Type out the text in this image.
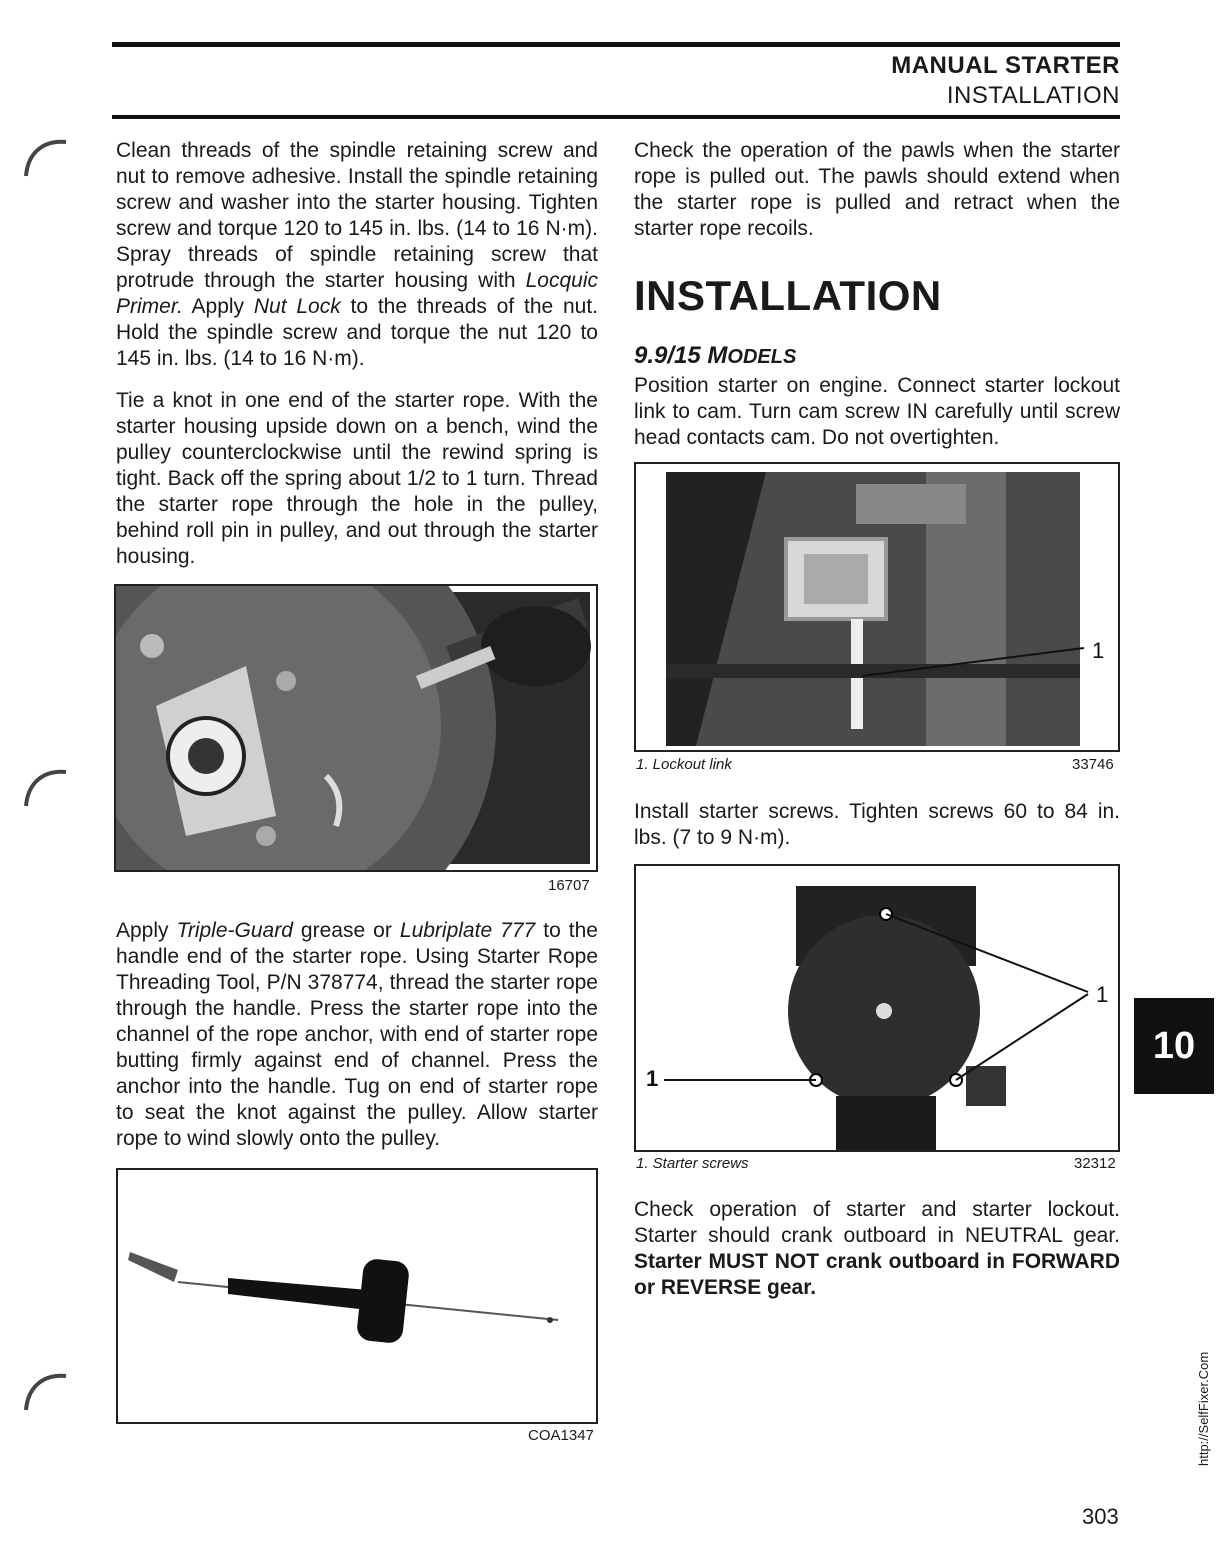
MANUAL STARTER
INSTALLATION

Clean threads of the spindle retaining screw and nut to remove adhesive. Install the spindle retaining screw and washer into the starter housing. Tighten screw and torque 120 to 145 in. lbs. (14 to 16 N·m). Spray threads of spindle retaining screw that protrude through the starter housing with Locquic Primer. Apply Nut Lock to the threads of the nut. Hold the spindle screw and torque the nut 120 to 145 in. lbs. (14 to 16 N·m).

Tie a knot in one end of the starter rope. With the starter housing upside down on a bench, wind the pulley counterclockwise until the rewind spring is tight. Back off the spring about 1/2 to 1 turn. Thread the starter rope through the hole in the pulley, behind roll pin in pulley, and out through the starter housing.

16707

Apply Triple-Guard grease or Lubriplate 777 to the handle end of the starter rope. Using Starter Rope Threading Tool, P/N 378774, thread the starter rope through the handle. Press the starter rope into the channel of the rope anchor, with end of starter rope butting firmly against end of channel. Press the anchor into the handle. Tug on end of starter rope to seat the knot against the pulley. Allow starter rope to wind slowly onto the pulley.

COA1347

Check the operation of the pawls when the starter rope is pulled out. The pawls should extend when the starter rope is pulled and retract when the starter rope recoils.

INSTALLATION
9.9/15 MODELS

Position starter on engine. Connect starter lockout link to cam. Turn cam screw IN carefully until screw head contacts cam. Do not overtighten.

1
1. Lockout link	33746

Install starter screws. Tighten screws 60 to 84 in. lbs. (7 to 9 N·m).

1
1
1. Starter screws	32312

Check operation of starter and starter lockout. Starter should crank outboard in NEUTRAL gear. Starter MUST NOT crank outboard in FORWARD or REVERSE gear.

10
303
http://SelfFixer.Com
